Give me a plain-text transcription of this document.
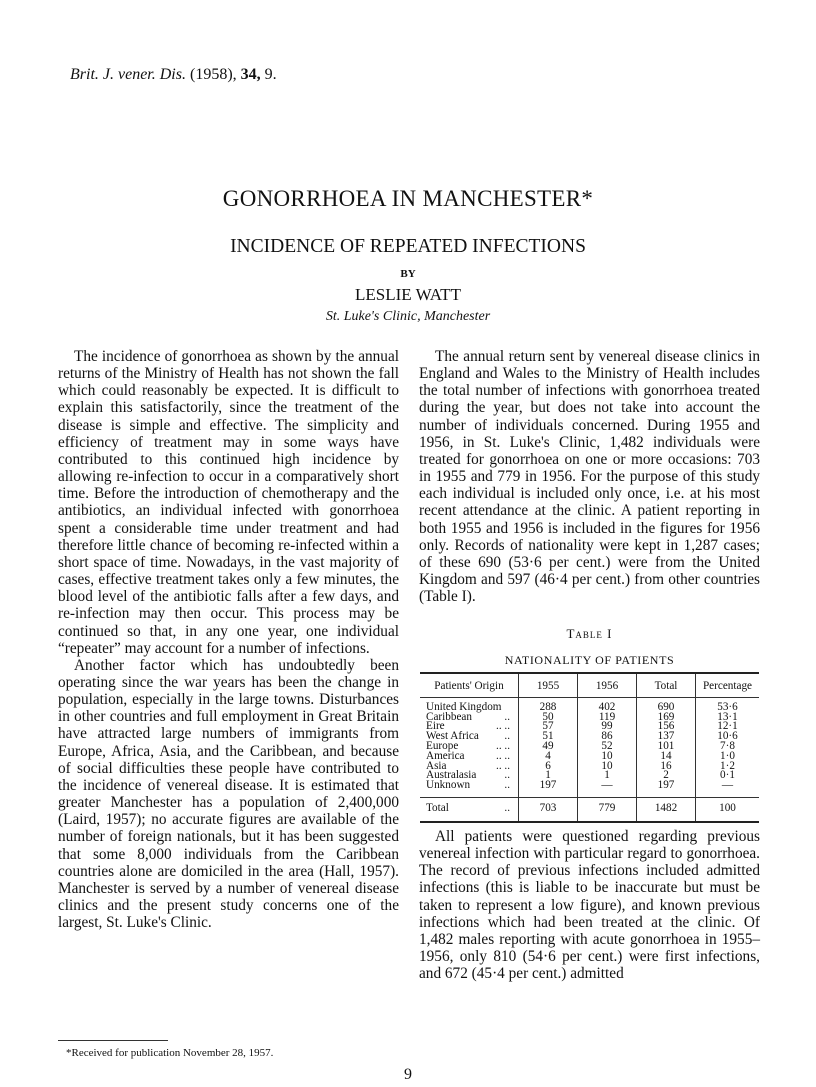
Brit. J. vener. Dis. (1958), 34, 9.
GONORRHOEA IN MANCHESTER*
INCIDENCE OF REPEATED INFECTIONS
BY
LESLIE WATT
St. Luke's Clinic, Manchester

The incidence of gonorrhoea as shown by the annual returns of the Ministry of Health has not shown the fall which could reasonably be expected. It is difficult to explain this satisfactorily, since the treatment of the disease is simple and effective. The simplicity and efficiency of treatment may in some ways have contributed to this continued high incidence by allowing re-infection to occur in a comparatively short time. Before the introduction of chemotherapy and the antibiotics, an individual infected with gonorrhoea spent a considerable time under treatment and had therefore little chance of becoming re-infected within a short space of time. Nowadays, in the vast majority of cases, effective treatment takes only a few minutes, the blood level of the antibiotic falls after a few days, and re-infection may then occur. This process may be continued so that, in any one year, one individual “repeater” may account for a number of infections.

Another factor which has undoubtedly been operating since the war years has been the change in population, especially in the large towns. Disturbances in other countries and full employment in Great Britain have attracted large numbers of immigrants from Europe, Africa, Asia, and the Caribbean, and because of social difficulties these people have contributed to the incidence of venereal disease. It is estimated that greater Manchester has a population of 2,400,000 (Laird, 1957); no accurate figures are available of the number of foreign nationals, but it has been suggested that some 8,000 individuals from the Caribbean countries alone are domiciled in the area (Hall, 1957). Manchester is served by a number of venereal disease clinics and the present study concerns one of the largest, St. Luke's Clinic.

The annual return sent by venereal disease clinics in England and Wales to the Ministry of Health includes the total number of infections with gonorrhoea treated during the year, but does not take into account the number of individuals concerned. During 1955 and 1956, in St. Luke's Clinic, 1,482 individuals were treated for gonorrhoea on one or more occasions: 703 in 1955 and 779 in 1956. For the purpose of this study each individual is included only once, i.e. at his most recent attendance at the clinic. A patient reporting in both 1955 and 1956 is included in the figures for 1956 only. Records of nationality were kept in 1,287 cases; of these 690 (53·6 per cent.) were from the United Kingdom and 597 (46·4 per cent.) from other countries (Table I).

Table I
NATIONALITY OF PATIENTS
Patients' Origin	1955	1956	Total	Percentage
United Kingdom	288	402	690	53·6
Caribbean ..	50	119	169	13·1
Eire .. ..	57	99	156	12·1
West Africa ..	51	86	137	10·6
Europe .. ..	49	52	101	7·8
America .. ..	4	10	14	1·0
Asia .. ..	6	10	16	1·2
Australasia ..	1	1	2	0·1
Unknown ..	197	—	197	—
Total ..	703	779	1482	100

All patients were questioned regarding previous venereal infection with particular regard to gonorrhoea. The record of previous infections included admitted infections (this is liable to be inaccurate but must be taken to represent a low figure), and known previous infections which had been treated at the clinic. Of 1,482 males reporting with acute gonorrhoea in 1955–1956, only 810 (54·6 per cent.) were first infections, and 672 (45·4 per cent.) admitted

*Received for publication November 28, 1957.
9
